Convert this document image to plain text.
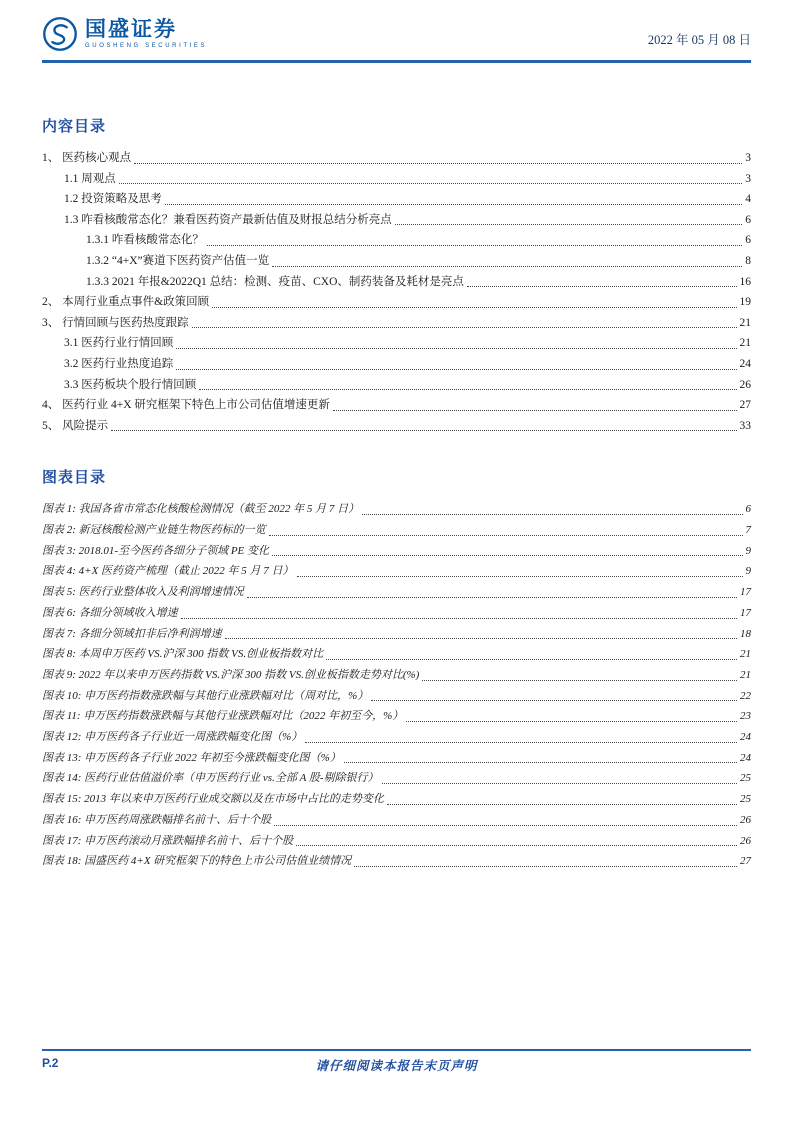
国盛证券
GUOSHENG SECURITIES	2022 年 05 月 08 日
内容目录
1、 医药核心观点	3
1.1 周观点	3
1.2 投资策略及思考	4
1.3 咋看核酸常态化？兼看医药资产最新估值及财报总结分析亮点	6
1.3.1 咋看核酸常态化？	6
1.3.2 “4+X”赛道下医药资产估值一览	8
1.3.3 2021 年报&2022Q1 总结：检测、疫苗、CXO、制药装备及耗材是亮点	16
2、 本周行业重点事件&政策回顾	19
3、 行情回顾与医药热度跟踪	21
3.1 医药行业行情回顾	21
3.2 医药行业热度追踪	24
3.3 医药板块个股行情回顾	26
4、 医药行业 4+X 研究框架下特色上市公司估值增速更新	27
5、 风险提示	33
图表目录
图表 1: 我国各省市常态化核酸检测情况（截至 2022 年 5 月 7 日）	6
图表 2: 新冠核酸检测产业链生物医药标的一览	7
图表 3: 2018.01-至今医药各细分子领域 PE 变化	9
图表 4: 4+X 医药资产梳理（截止 2022 年 5 月 7 日）	9
图表 5: 医药行业整体收入及利润增速情况	17
图表 6: 各细分领域收入增速	17
图表 7: 各细分领域扣非后净利润增速	18
图表 8: 本周申万医药 VS.沪深 300 指数 VS.创业板指数对比	21
图表 9: 2022 年以来申万医药指数 VS.沪深 300 指数 VS.创业板指数走势对比(%)	21
图表 10: 申万医药指数涨跌幅与其他行业涨跌幅对比（周对比，%）	22
图表 11: 申万医药指数涨跌幅与其他行业涨跌幅对比（2022 年初至今，%）	23
图表 12: 申万医药各子行业近一周涨跌幅变化图（%）	24
图表 13: 申万医药各子行业 2022 年初至今涨跌幅变化图（%）	24
图表 14: 医药行业估值溢价率（申万医药行业 vs.全部 A 股-剔除银行）	25
图表 15: 2013 年以来申万医药行业成交额以及在市场中占比的走势变化	25
图表 16: 申万医药周涨跌幅排名前十、后十个股	26
图表 17: 申万医药滚动月涨跌幅排名前十、后十个股	26
图表 18: 国盛医药 4+X 研究框架下的特色上市公司估值业绩情况	27
P.2	请仔细阅读本报告末页声明
